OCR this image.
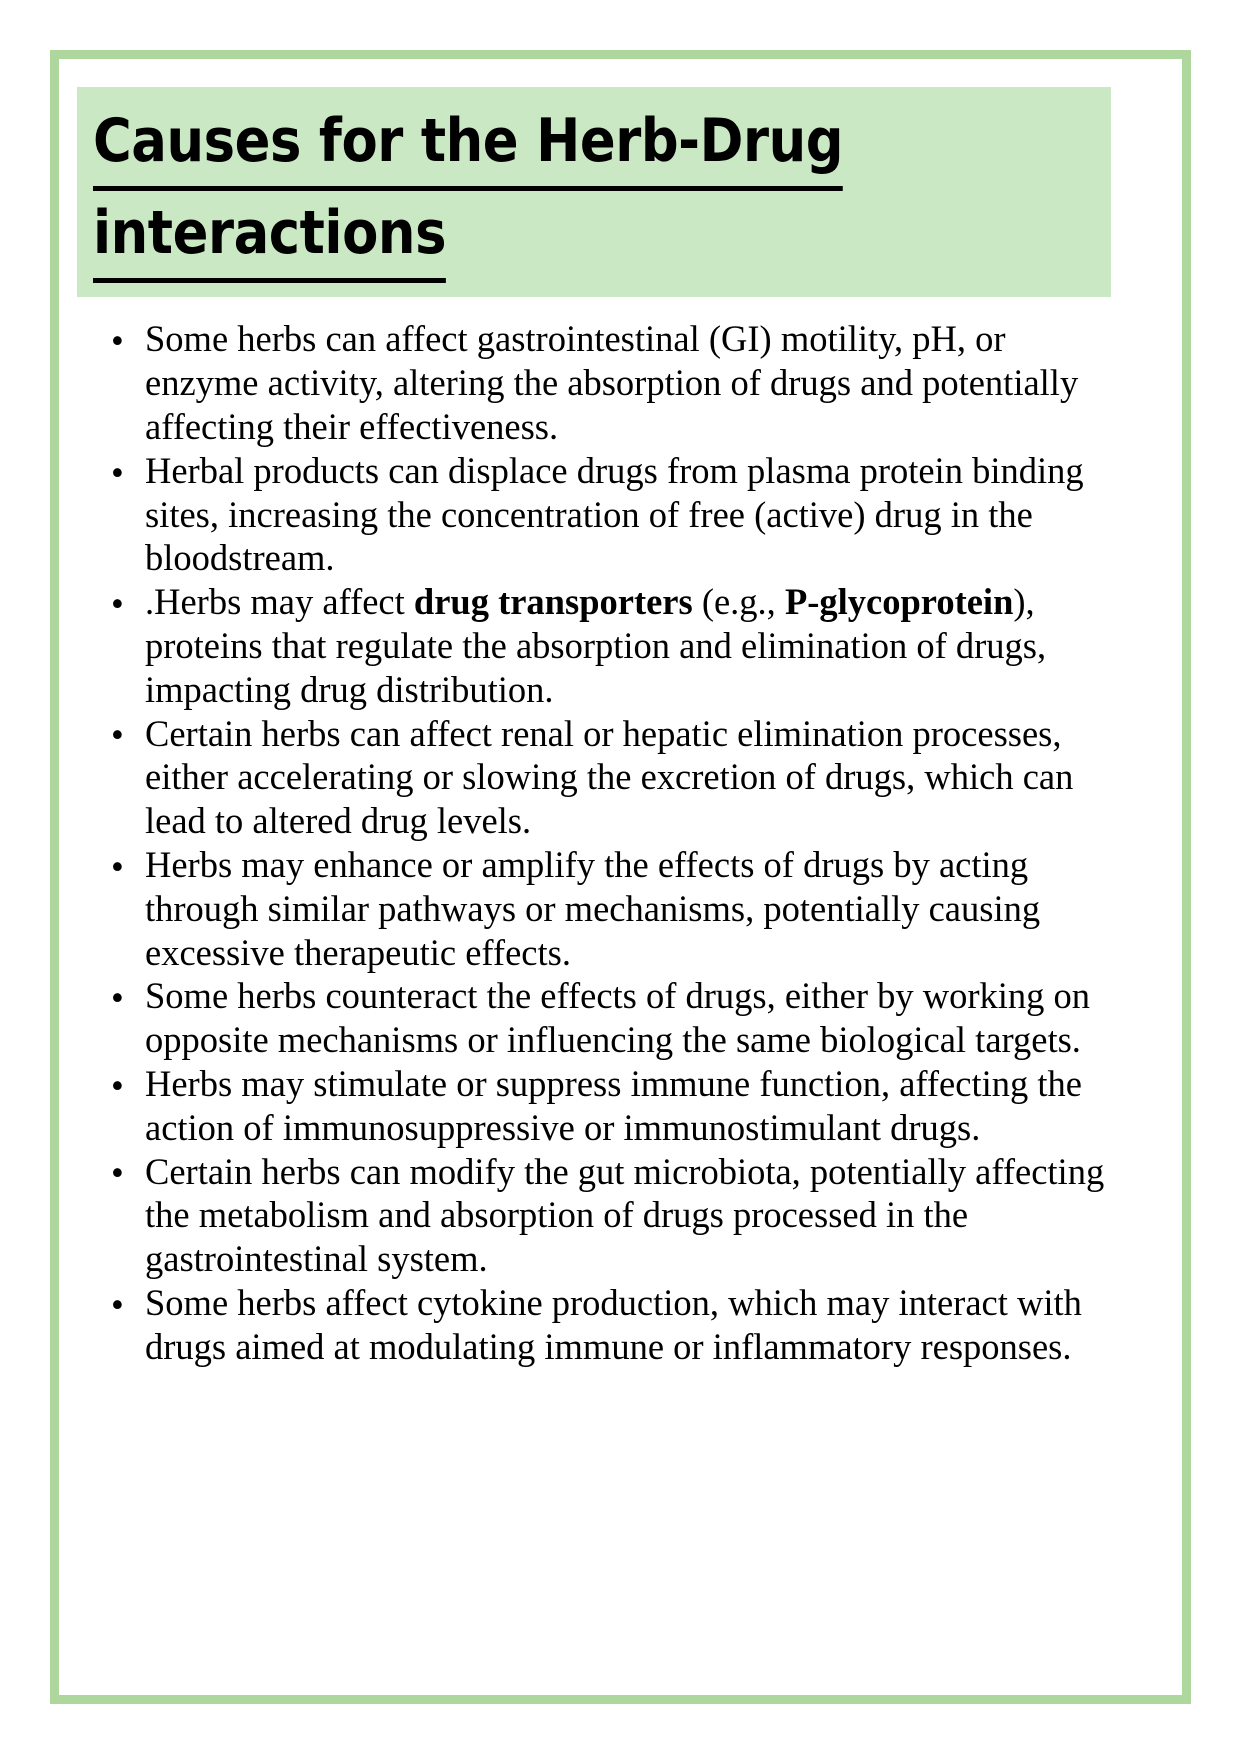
Causes for the Herb-Drug
interactions
• Some herbs can affect gastrointestinal (GI) motility, pH, or enzyme activity, altering the absorption of drugs and potentially affecting their effectiveness.
• Herbal products can displace drugs from plasma protein binding sites, increasing the concentration of free (active) drug in the bloodstream.
• .Herbs may affect drug transporters (e.g., P-glycoprotein), proteins that regulate the absorption and elimination of drugs, impacting drug distribution.
• Certain herbs can affect renal or hepatic elimination processes, either accelerating or slowing the excretion of drugs, which can lead to altered drug levels.
• Herbs may enhance or amplify the effects of drugs by acting through similar pathways or mechanisms, potentially causing excessive therapeutic effects.
• Some herbs counteract the effects of drugs, either by working on opposite mechanisms or influencing the same biological targets.
• Herbs may stimulate or suppress immune function, affecting the action of immunosuppressive or immunostimulant drugs.
• Certain herbs can modify the gut microbiota, potentially affecting the metabolism and absorption of drugs processed in the gastrointestinal system.
• Some herbs affect cytokine production, which may interact with drugs aimed at modulating immune or inflammatory responses.
